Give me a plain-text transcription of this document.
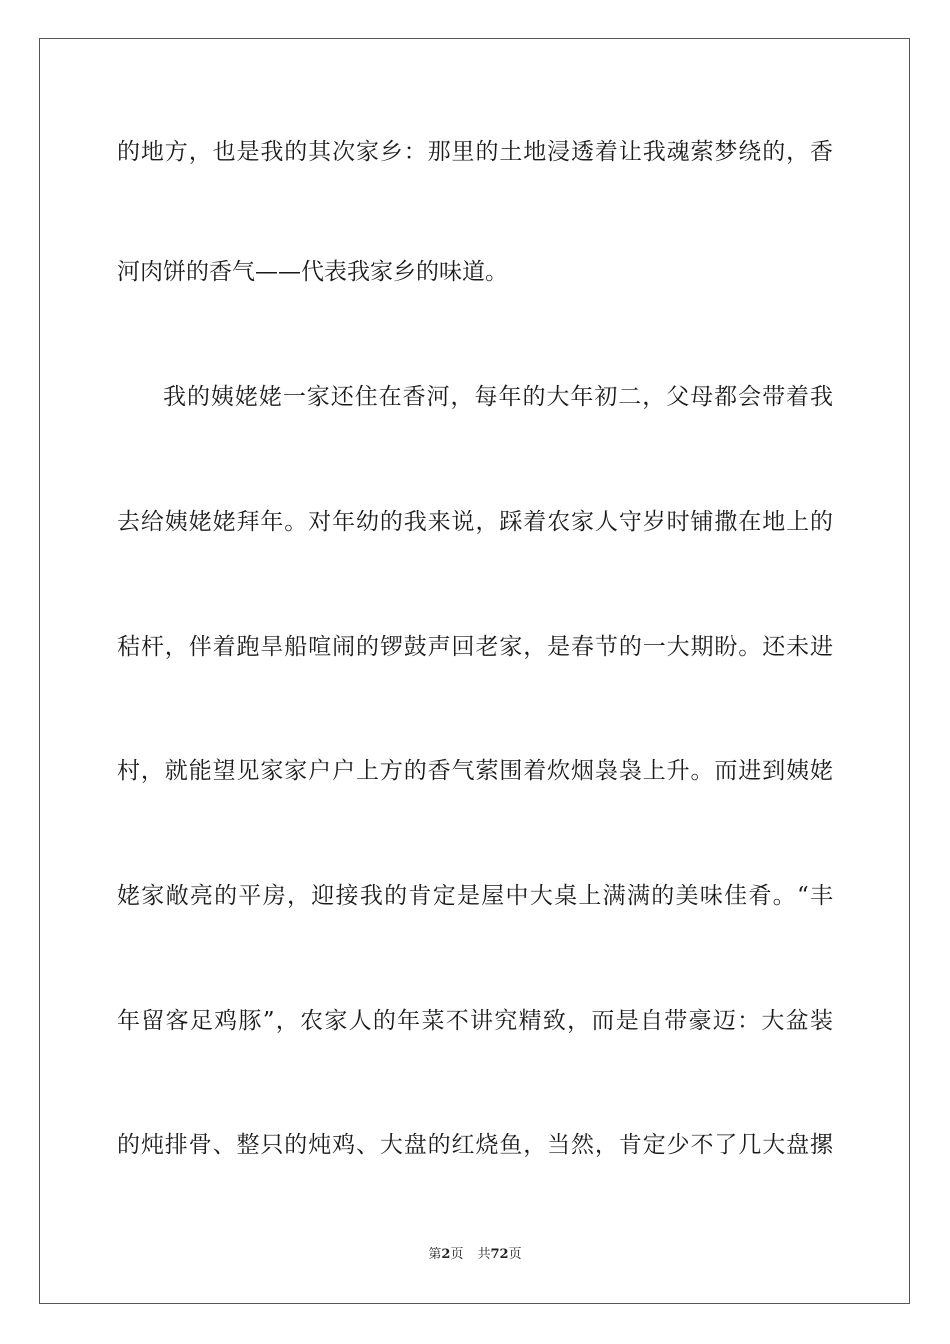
的地方，也是我的其次家乡：那里的土地浸透着让我魂萦梦绕的，香
河肉饼的香气——代表我家乡的味道。
我的姨姥姥一家还住在香河，每年的大年初二，父母都会带着我
去给姨姥姥拜年。对年幼的我来说，踩着农家人守岁时铺撒在地上的
秸杆，伴着跑旱船喧闹的锣鼓声回老家，是春节的一大期盼。还未进
村，就能望见家家户户上方的香气萦围着炊烟袅袅上升。而进到姨姥
姥家敞亮的平房，迎接我的肯定是屋中大桌上满满的美味佳肴。“丰
年留客足鸡豚”，农家人的年菜不讲究精致，而是自带豪迈：大盆装
的炖排骨、整只的炖鸡、大盘的红烧鱼，当然，肯定少不了几大盘摞
第2页 共72页
